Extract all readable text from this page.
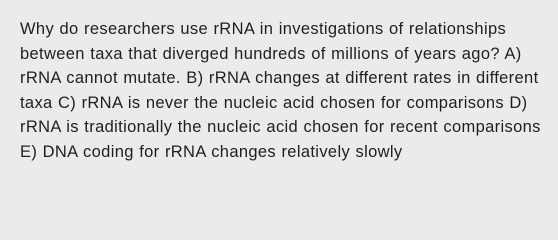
Why do researchers use rRNA in investigations of relationships between taxa that diverged hundreds of millions of years ago? A) rRNA cannot mutate. B) rRNA changes at different rates in different taxa C) rRNA is never the nucleic acid chosen for comparisons D) rRNA is traditionally the nucleic acid chosen for recent comparisons E) DNA coding for rRNA changes relatively slowly
